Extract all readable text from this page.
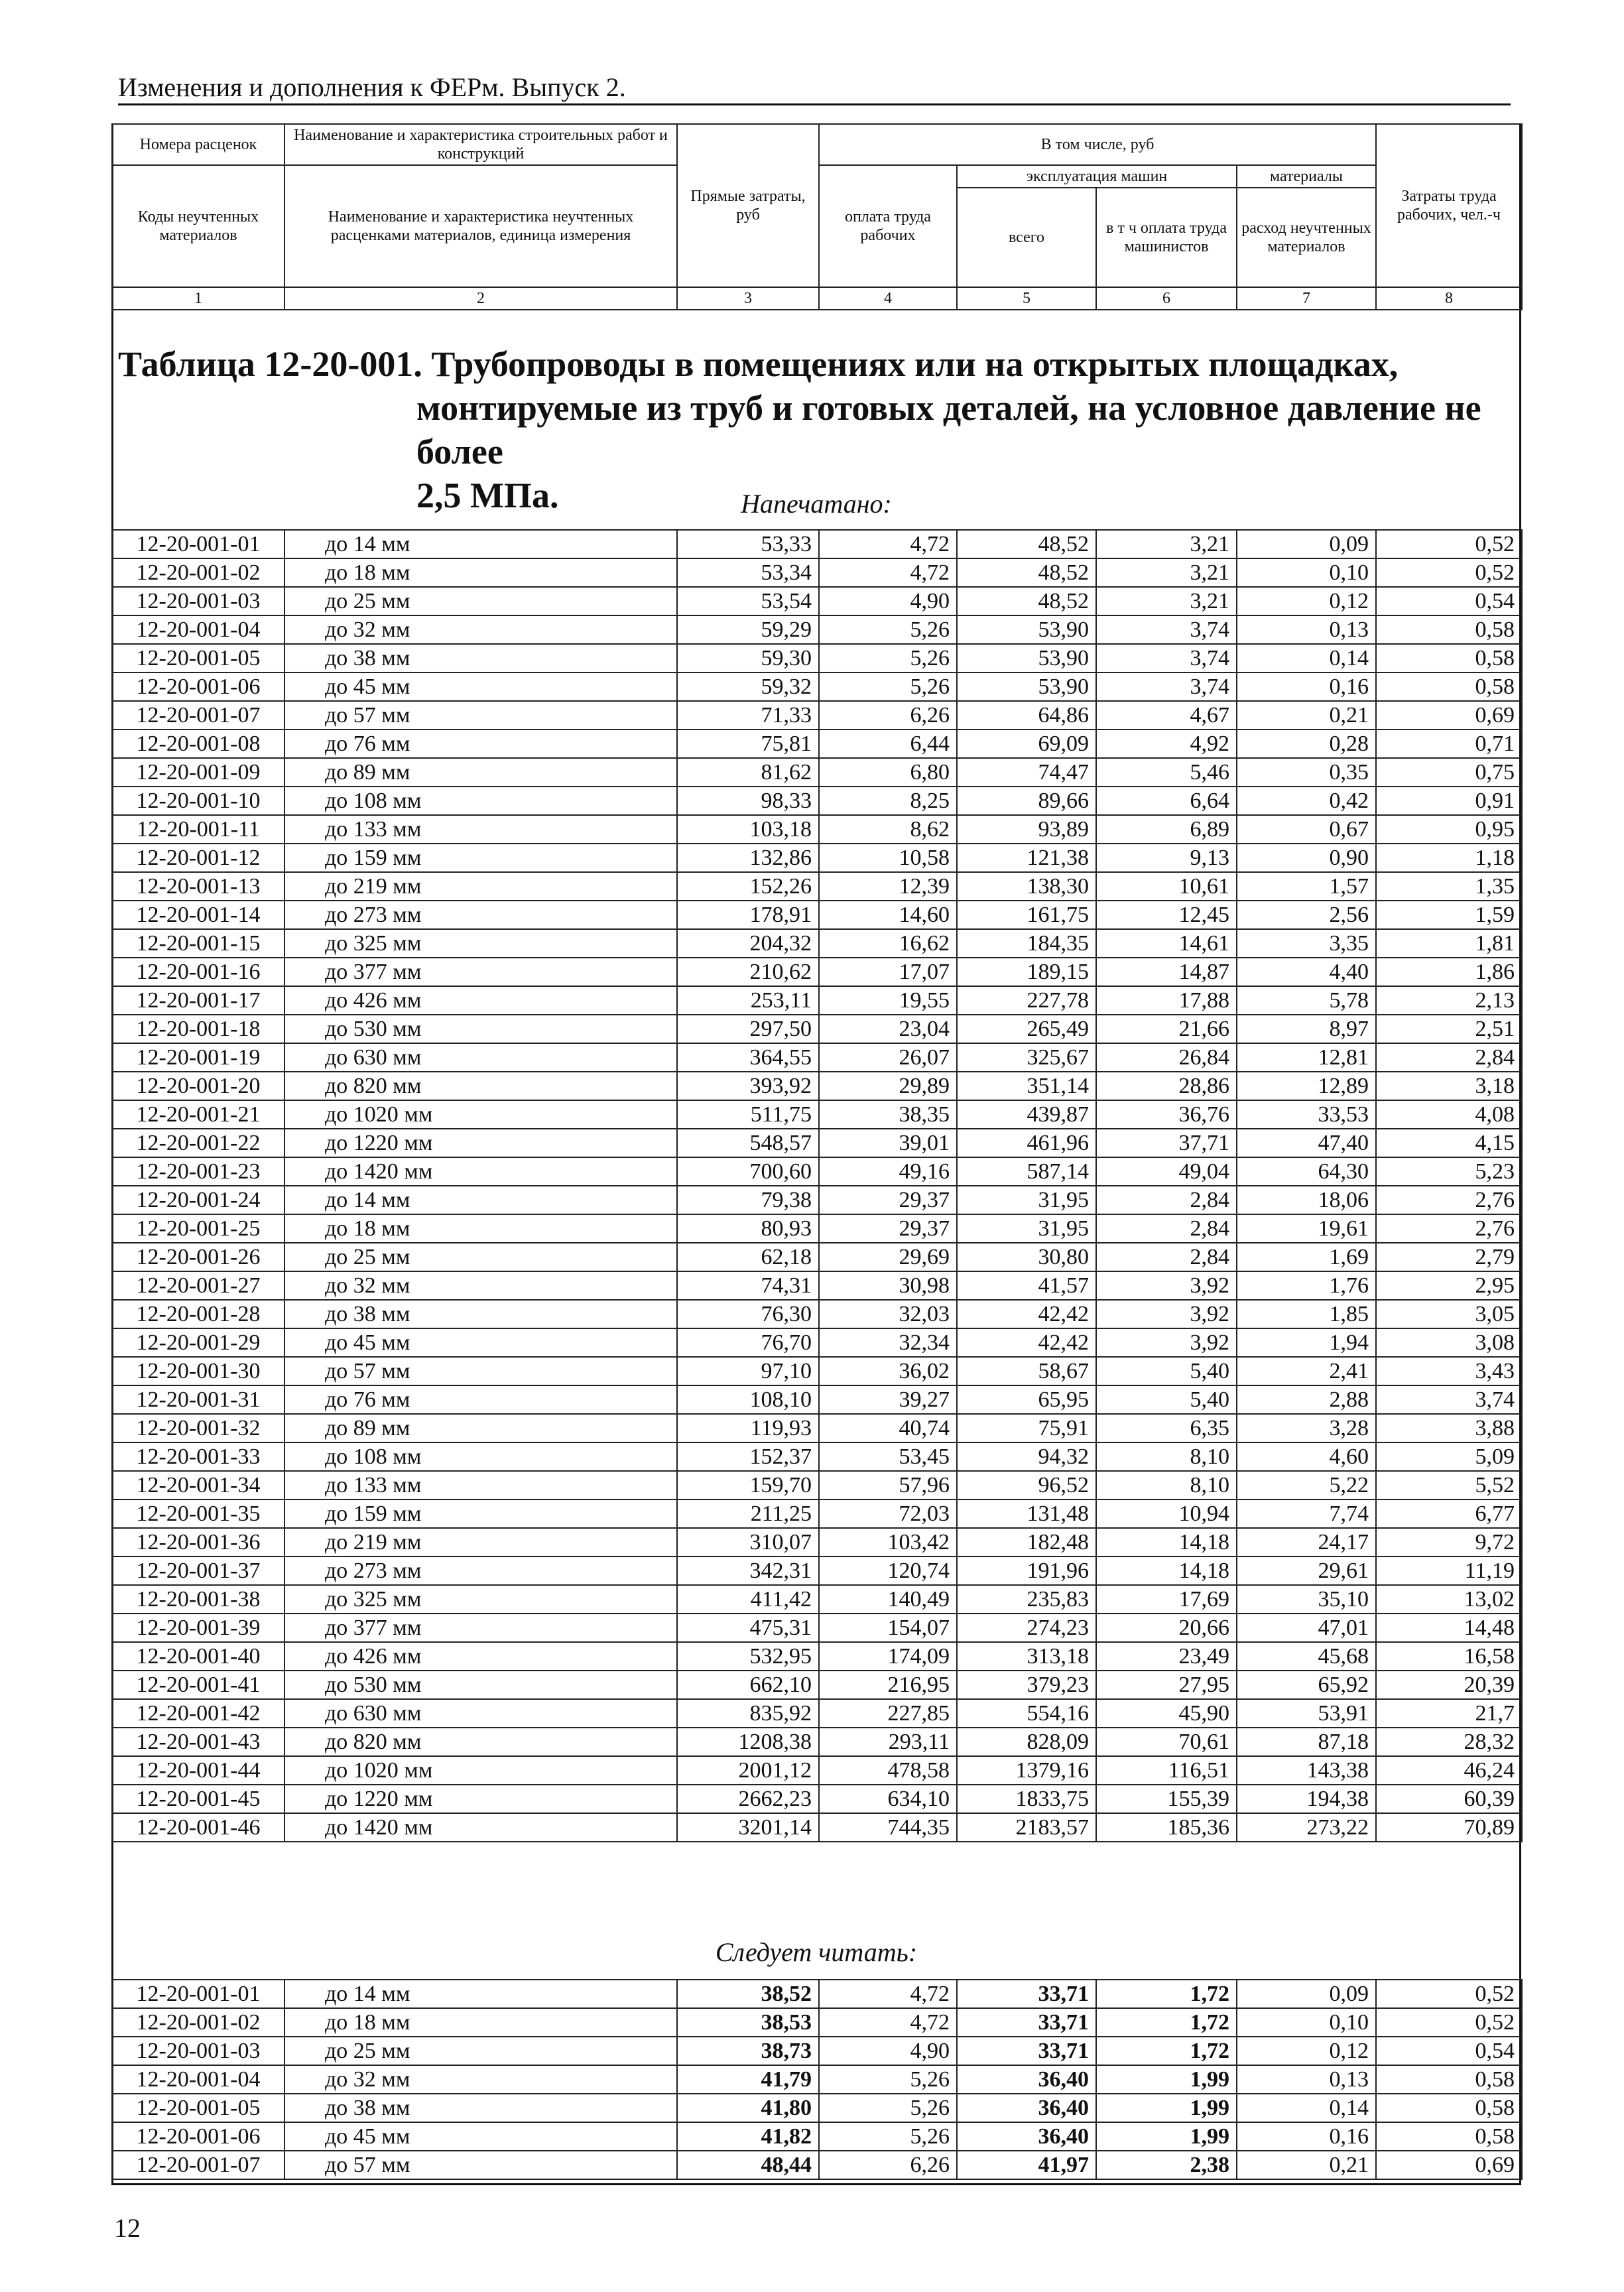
Изменения и дополнения к ФЕРм. Выпуск 2.
Номера расценок	Наименование и характеристика строительных работ и конструкций	Прямые затраты, руб	В том числе, руб				Затраты труда рабочих, чел.-ч
Коды неучтенных материалов	Наименование и характеристика неучтенных расценками материалов, единица измерения		оплата труда рабочих	эксплуатация машин		материалы	
				всего	в т ч оплата труда машинистов	расход неучтенных материалов	
1	2	3	4	5	6	7	8
Таблица 12-20-001. Трубопроводы в помещениях или на открытых площадках,
монтируемые из труб и готовых деталей, на условное давление не более
2,5 МПа.	Напечатано:
12-20-001-01	до 14 мм	53,33	4,72	48,52	3,21	0,09	0,52
12-20-001-02	до 18 мм	53,34	4,72	48,52	3,21	0,10	0,52
12-20-001-03	до 25 мм	53,54	4,90	48,52	3,21	0,12	0,54
12-20-001-04	до 32 мм	59,29	5,26	53,90	3,74	0,13	0,58
12-20-001-05	до 38 мм	59,30	5,26	53,90	3,74	0,14	0,58
12-20-001-06	до 45 мм	59,32	5,26	53,90	3,74	0,16	0,58
12-20-001-07	до 57 мм	71,33	6,26	64,86	4,67	0,21	0,69
12-20-001-08	до 76 мм	75,81	6,44	69,09	4,92	0,28	0,71
12-20-001-09	до 89 мм	81,62	6,80	74,47	5,46	0,35	0,75
12-20-001-10	до 108 мм	98,33	8,25	89,66	6,64	0,42	0,91
12-20-001-11	до 133 мм	103,18	8,62	93,89	6,89	0,67	0,95
12-20-001-12	до 159 мм	132,86	10,58	121,38	9,13	0,90	1,18
12-20-001-13	до 219 мм	152,26	12,39	138,30	10,61	1,57	1,35
12-20-001-14	до 273 мм	178,91	14,60	161,75	12,45	2,56	1,59
12-20-001-15	до 325 мм	204,32	16,62	184,35	14,61	3,35	1,81
12-20-001-16	до 377 мм	210,62	17,07	189,15	14,87	4,40	1,86
12-20-001-17	до 426 мм	253,11	19,55	227,78	17,88	5,78	2,13
12-20-001-18	до 530 мм	297,50	23,04	265,49	21,66	8,97	2,51
12-20-001-19	до 630 мм	364,55	26,07	325,67	26,84	12,81	2,84
12-20-001-20	до 820 мм	393,92	29,89	351,14	28,86	12,89	3,18
12-20-001-21	до 1020 мм	511,75	38,35	439,87	36,76	33,53	4,08
12-20-001-22	до 1220 мм	548,57	39,01	461,96	37,71	47,40	4,15
12-20-001-23	до 1420 мм	700,60	49,16	587,14	49,04	64,30	5,23
12-20-001-24	до 14 мм	79,38	29,37	31,95	2,84	18,06	2,76
12-20-001-25	до 18 мм	80,93	29,37	31,95	2,84	19,61	2,76
12-20-001-26	до 25 мм	62,18	29,69	30,80	2,84	1,69	2,79
12-20-001-27	до 32 мм	74,31	30,98	41,57	3,92	1,76	2,95
12-20-001-28	до 38 мм	76,30	32,03	42,42	3,92	1,85	3,05
12-20-001-29	до 45 мм	76,70	32,34	42,42	3,92	1,94	3,08
12-20-001-30	до 57 мм	97,10	36,02	58,67	5,40	2,41	3,43
12-20-001-31	до 76 мм	108,10	39,27	65,95	5,40	2,88	3,74
12-20-001-32	до 89 мм	119,93	40,74	75,91	6,35	3,28	3,88
12-20-001-33	до 108 мм	152,37	53,45	94,32	8,10	4,60	5,09
12-20-001-34	до 133 мм	159,70	57,96	96,52	8,10	5,22	5,52
12-20-001-35	до 159 мм	211,25	72,03	131,48	10,94	7,74	6,77
12-20-001-36	до 219 мм	310,07	103,42	182,48	14,18	24,17	9,72
12-20-001-37	до 273 мм	342,31	120,74	191,96	14,18	29,61	11,19
12-20-001-38	до 325 мм	411,42	140,49	235,83	17,69	35,10	13,02
12-20-001-39	до 377 мм	475,31	154,07	274,23	20,66	47,01	14,48
12-20-001-40	до 426 мм	532,95	174,09	313,18	23,49	45,68	16,58
12-20-001-41	до 530 мм	662,10	216,95	379,23	27,95	65,92	20,39
12-20-001-42	до 630 мм	835,92	227,85	554,16	45,90	53,91	21,7
12-20-001-43	до 820 мм	1208,38	293,11	828,09	70,61	87,18	28,32
12-20-001-44	до 1020 мм	2001,12	478,58	1379,16	116,51	143,38	46,24
12-20-001-45	до 1220 мм	2662,23	634,10	1833,75	155,39	194,38	60,39
12-20-001-46	до 1420 мм	3201,14	744,35	2183,57	185,36	273,22	70,89
Следует читать:
12-20-001-01	до 14 мм	38,52	4,72	33,71	1,72	0,09	0,52
12-20-001-02	до 18 мм	38,53	4,72	33,71	1,72	0,10	0,52
12-20-001-03	до 25 мм	38,73	4,90	33,71	1,72	0,12	0,54
12-20-001-04	до 32 мм	41,79	5,26	36,40	1,99	0,13	0,58
12-20-001-05	до 38 мм	41,80	5,26	36,40	1,99	0,14	0,58
12-20-001-06	до 45 мм	41,82	5,26	36,40	1,99	0,16	0,58
12-20-001-07	до 57 мм	48,44	6,26	41,97	2,38	0,21	0,69
12
